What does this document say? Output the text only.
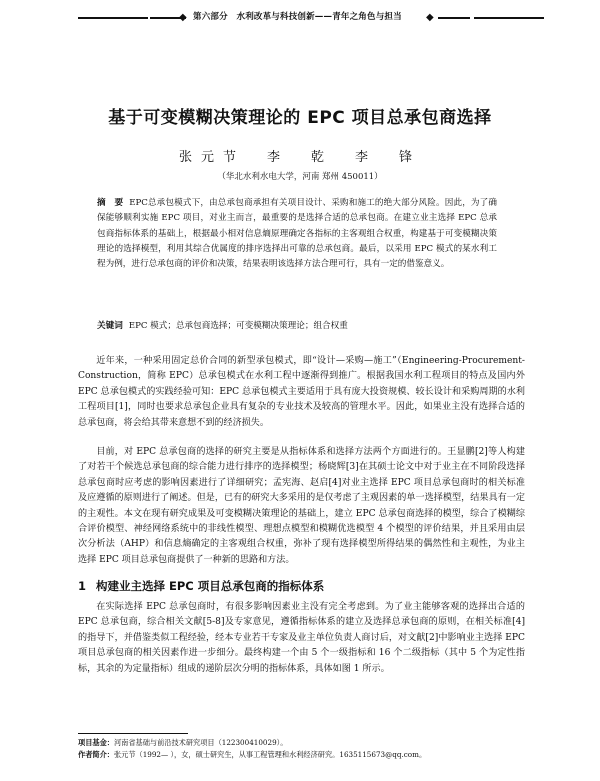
◆ 第六部分　水利改革与科技创新——青年之角色与担当	◆
基于可变模糊决策理论的 EPC 项目总承包商选择
张元节　李　乾　李　锋
（华北水利水电大学，河南 郑州 450011）
摘　要 EPC总承包模式下，由总承包商承担有关项目设计、采购和施工的绝大部分风险。因此，为了确保能够顺利实施 EPC 项目，对业主而言，最重要的是选择合适的总承包商。在建立业主选择 EPC 总承包商指标体系的基础上，根据最小相对信息熵原理确定各指标的主客观组合权重，构建基于可变模糊决策理论的选择模型，利用其综合优属度的排序选择出可靠的总承包商。最后，以采用 EPC 模式的某水利工程为例，进行总承包商的评价和决策，结果表明该选择方法合理可行，具有一定的借鉴意义。
关键词 EPC 模式；总承包商选择；可变模糊决策理论；组合权重

近年来，一种采用固定总价合同的新型承包模式，即“设计—采购—施工”（Engineering-Procurement-Construction，简称 EPC）总承包模式在水利工程中逐渐得到推广。根据我国水利工程项目的特点及国内外 EPC 总承包模式的实践经验可知：EPC 总承包模式主要适用于具有庞大投资规模、较长设计和采购周期的水利工程项目[1]，同时也要求总承包企业具有复杂的专业技术及较高的管理水平。因此，如果业主没有选择合适的总承包商，将会给其带来意想不到的经济损失。

目前，对 EPC 总承包商的选择的研究主要是从指标体系和选择方法两个方面进行的。王显鹏[2]等人构建了对若干个候选总承包商的综合能力进行排序的选择模型；杨晓辉[3]在其硕士论文中对于业主在不同阶段选择总承包商时应考虑的影响因素进行了详细研究；孟宪海、赵启[4]对业主选择 EPC 项目总承包商时的相关标准及应遵循的原则进行了阐述。但是，已有的研究大多采用的是仅考虑了主观因素的单一选择模型，结果具有一定的主观性。本文在现有研究成果及可变模糊决策理论的基础上，建立 EPC 总承包商选择的模型，综合了模糊综合评价模型、神经网络系统中的非线性模型、理想点模型和模糊优选模型 4 个模型的评价结果，并且采用由层次分析法（AHP）和信息熵确定的主客观组合权重，弥补了现有选择模型所得结果的偶然性和主观性，为业主选择 EPC 项目总承包商提供了一种新的思路和方法。

1 构建业主选择 EPC 项目总承包商的指标体系

在实际选择 EPC 总承包商时，有很多影响因素业主没有完全考虑到。为了业主能够客观的选择出合适的 EPC 总承包商，综合相关文献[5-8]及专家意见，遵循指标体系的建立及选择总承包商的原则，在相关标准[4]的指导下，并借鉴类似工程经验，经本专业若干专家及业主单位负责人商讨后，对文献[2]中影响业主选择 EPC 项目总承包商的相关因素作进一步细分。最终构建一个由 5 个一级指标和 16 个二级指标（其中 5 个为定性指标，其余的为定量指标）组成的递阶层次分明的指标体系，具体如图 1 所示。

项目基金：河南省基础与前沿技术研究项目（122300410029）。
作者简介：张元节（1992— ），女，硕士研究生，从事工程管理和水利经济研究。1635115673@qq.com。
